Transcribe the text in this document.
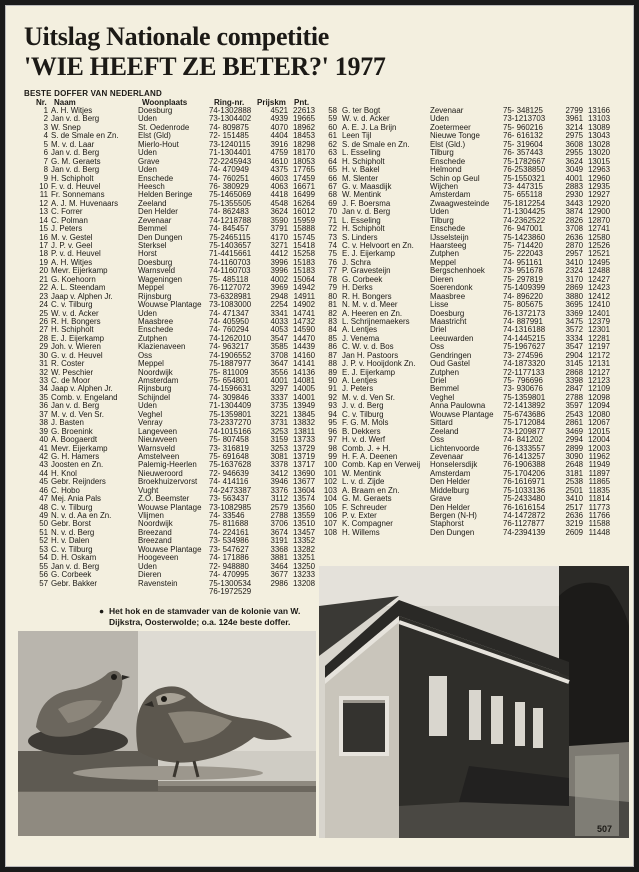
Uitslag Nationale competitie
'WIE HEEFT ZE BETER?' 1977
BESTE DOFFER VAN NEDERLAND
Nr. Naam	Woonplaats	Ring-nr. Prijskm Pnt.
1
2
3
4
5
6
7
8
9
10
11
12
13
14
15
16
17
18
19
20
21
22
23
24
25
26
27
28
29
30
31
32
33
34
35
36
37
38
39
40
41
42
43
44
45
46
47
48
49
50
51
52
53
54
55
56
57
A. H. Witjes
Jan v. d. Berg
W. Snep
S. de Smale en Zn.
M. v. d. Laar
Jan v. d. Berg
G. M. Geraets
Jan v. d. Berg
H. Schipholt
F. v. d. Heuvel
Fr. Sonnemans
A. J. M. Huvenaars
C. Forrer
C. Polman
J. Peters
M. v. Gestel
J. P. v. Geel
P. v. d. Heuvel
A. H. Witjes
Mevr. Eijerkamp
G. Koehoorn
A. L. Steendam
Jaap v. Alphen Jr.
C. v. Tilburg
W. v. d. Acker
R. H. Bongers
H. Schipholt
E. J. Eijerkamp
Joh. v. Wieren
G. v. d. Heuvel
R. Coster
W. Peschier
C. de Moor
Jaap v. Alphen Jr.
Comb. v. Engeland
Jan v. d. Berg
M. v. d. Ven Sr.
J. Basten
G. Broenink
A. Boogaerdt
Mevr. Eijerkamp
G. H. Hamers
Joosten en Zn.
H. Knol
Gebr. Reijnders
C. Hobo
Mej. Ania Pals
C. v. Tilburg
N. v. d. Aa en Zn.
Gebr. Borst
N. v. d. Berg
H. v. Dalen
C. v. Tilburg
D. H. Oskam
Jan v. d. Berg
G. Corbeek
Gebr. Bakker
Doesburg
Uden
St. Oedenrode
Elst (Gld)
Mierlo-Hout
Uden
Grave
Uden
Enschede
Heesch
Helden Beringe
Zeeland
Den Helder
Zevenaar
Bemmel
Den Dungen
Sterksel
Horst
Doesburg
Warnsveld
Wageningen
Meppel
Rijnsburg
Wouwse Plantage
Uden
Maasbree
Enschede
Zutphen
Klazienaveen
Oss
Meppel
Noordwijk
Amsterdam
Rijnsburg
Schijndel
Uden
Veghel
Venray
Langeveen
Nieuwveen
Warnsveld
Amstelveen
Palemig-Heerlen
Nieuweroord
Broekhuizervorst
Vught
Z.O. Beemster
Wouwse Plantage
Vlijmen
Noordwijk
Breezand
Breezand
Wouwse Plantage
Hoogeveen
Uden
Dieren
Ravenstein
74-1302888
73-1304402
74- 809875
72- 151485
73-1240115
71-1304401
72-2245943
74- 470949
74- 760251
76- 380929
75-1465069
75-1355505
74- 862483
74-1218788
74- 845457
75-2465115
75-1403657
71-4415661
74-1160703
74-1160703
75- 485118
76-1127072
73-6328981
73-1083000
74- 471347
74- 405950
74- 760294
74-1262010
74- 963217
74-1906552
75-1887977
75- 811009
75- 654801
74-1596631
74- 309846
71-1304409
75-1359801
73-2337270
74-1015166
75- 807458
73- 316819
75- 691648
75-1637628
72- 946639
74- 414116
74-2473387
73- 563437
73-1082985
74- 33546
75- 811688
74- 224161
73- 534986
73- 547627
74- 171886
72- 948880
74- 470995
75-1300534
76-1972529
4521
4939
4070
4404
3916
4759
4610
4375
4603
4063
4418
4548
3624
3590
3791
4170
3271
4412
3996
3996
4002
3969
2948
2254
3341
4033
4053
3547
3585
3708
3647
3556
4001
3297
3337
3735
3221
3731
3253
3159
3253
3081
3378
3412
3946
3376
3112
2579
2788
3706
3674
3191
3368
3881
3464
3677
2986
22613
19665
18962
18453
18298
18170
18053
17765
17459
16671
16499
16264
16012
15959
15888
15745
15418
15258
15183
15183
15064
14942
14911
14902
14741
14732
14590
14470
14439
14160
14141
14136
14081
14005
14001
13949
13845
13832
13811
13733
13729
13719
13717
13690
13677
13604
13574
13560
13559
13510
13457
13352
13282
13251
13250
13233
13208
58
59
60
61
62
63
64
65
66
67
68
69
70
71
72
73
74
75
76
77
78
79
80
81
82
83
84
85
86
87
88
89
90
91
92
93
94
95
96
97
98
99
100
101
102
103
104
105
106
107
108
G. ter Bogt
W. v. d. Acker
A. E. J. La Brijn
Leen Tijl
S. de Smale en Zn.
L. Esseling
H. Schipholt
H. v. Bakel
M. Slenter
G. v. Maasdijk
W. Mentink
J. F. Boersma
Jan v. d. Berg
L. Esseling
H. Schipholt
S. Linders
C. v. Helvoort en Zn.
E. J. Eijerkamp
J. Schra
P. Gravesteijn
G. Corbeek
H. Derks
R. H. Bongers
N. M. v. d. Meer
A. Heeren en Zn.
L. Schrijnemaekers
A. Lentjes
J. Venema
C. W. v. d. Bos
Jan H. Pastoors
J. P. v. Hooijdonk Zn.
E. J. Eijerkamp
A. Lentjes
J. Peters
M. v. d. Ven Sr.
J. v. d. Berg
C. v. Tilburg
F. G. M. Mols
B. Dekkers
H. v. d. Werf
Comb. J. + H.
H. F. A. Deenen
Comb. Kap en Verweij
W. Mentink
L. v. d. Zijde
A. Braam en Zn.
G. M. Geraets
F. Schreuder
P. v. Exter
K. Compagner
H. Willems
Zevenaar
Uden
Zoetermeer
Nieuwe Tonge
Elst (Gld.)
Tilburg
Enschede
Helmond
Schin op Geul
Wijchen
Amsterdam
Zwaagwesteinde
Uden
Tilburg
Enschede
IJsselsteijn
Haarsteeg
Zutphen
Meppel
Bergschenhoek
Dieren
Soerendonk
Maasbree
Lisse
Doesburg
Maastricht
Driel
Leeuwarden
Oss
Gendringen
Oud Gastel
Zutphen
Driel
Bemmel
Veghel
Anna Paulowna
Wouwse Plantage
Sittard
Zeeland
Oss
Lichtenvoorde
Zevenaar
Honselersdijk
Amsterdam
Den Helder
Middelburg
Grave
Den Helder
Bergen (N-H)
Staphorst
Den Dungen
75- 348125
73-1213703
75- 960216
76- 616132
75- 319604
76- 357443
75-1782667
76-2538850
75-1550321
73- 447315
75- 655118
75-1812254
71-1304425
74-2362522
76- 947001
75-1423860
75- 714420
75- 222043
74- 951161
73- 951678
75- 297819
75-1409399
74- 896220
75- 805675
76-1372173
74- 887991
74-1316188
74-1445215
75-1967627
73- 274596
74-1873320
72-1177133
75- 796696
73- 930676
75-1359801
72-1413892
75-6743686
75-1712084
73-1209877
74- 841202
76-1333557
76-1413257
76-1906388
75-1704206
76-1616971
75-1033136
75-2433480
76-1616154
74-1472872
76-1127877
74-2394139
2799
3961
3214
2975
3608
2955
3624
3049
4001
2883
2930
3443
3874
2826
3708
2636
2870
2957
3410
2324
3170
2869
3880
3695
3369
3475
3572
3334
3547
2904
3145
2868
3398
2847
2788
3597
2543
2861
3469
2994
2899
3090
2648
3181
2538
2501
3410
2517
2636
3219
2609
13166
13103
13089
13043
13028
13020
13015
12963
12960
12935
12927
12920
12900
12870
12741
12580
12526
12521
12495
12488
12427
12423
12412
12410
12401
12379
12301
12281
12197
12172
12131
12127
12123
12109
12098
12094
12080
12067
12015
12004
12003
11962
11949
11897
11865
11835
11814
11773
11766
11588
11448
● Het hok en de stamvader van de kolonie van W. Dijkstra, Oosterwolde; o.a. 124e beste doffer.
507
